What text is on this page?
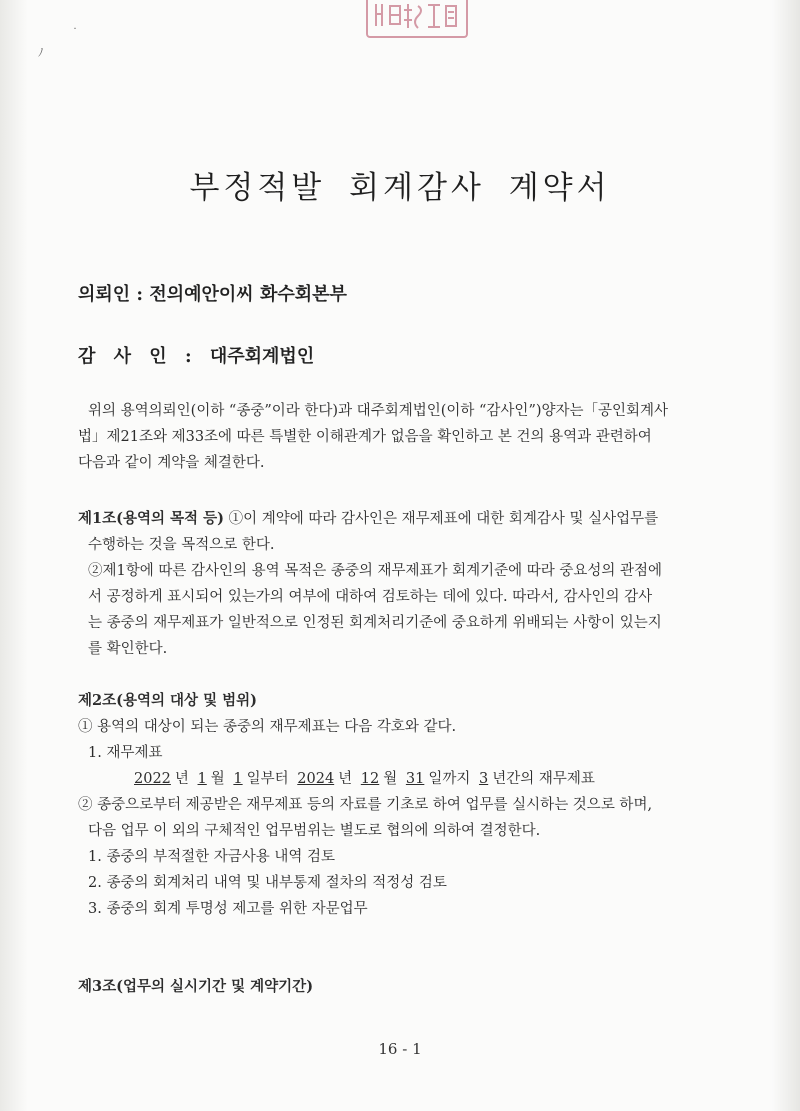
˙
ﾉ
부정적발 회계감사 계약서
의뢰인 : 전의예안이씨 화수회본부
감 사 인 : 대주회계법인
위의 용역의뢰인(이하 “종중”이라 한다)과 대주회계법인(이하 “감사인”)양자는「공인회계사
법」제21조와 제33조에 따른 특별한 이해관계가 없음을 확인하고 본 건의 용역과 관련하여
다음과 같이 계약을 체결한다.
제1조(용역의 목적 등) ①이 계약에 따라 감사인은 재무제표에 대한 회계감사 및 실사업무를
수행하는 것을 목적으로 한다.
②제1항에 따른 감사인의 용역 목적은 종중의 재무제표가 회계기준에 따라 중요성의 관점에
서 공정하게 표시되어 있는가의 여부에 대하여 검토하는 데에 있다. 따라서, 감사인의 감사
는 종중의 재무제표가 일반적으로 인정된 회계처리기준에 중요하게 위배되는 사항이 있는지
를 확인한다.
제2조(용역의 대상 및 범위)
① 용역의 대상이 되는 종중의 재무제표는 다음 각호와 같다.
1. 재무제표
2022 년 1 월 1 일부터 2024 년 12 월 31 일까지 3 년간의 재무제표
② 종중으로부터 제공받은 재무제표 등의 자료를 기초로 하여 업무를 실시하는 것으로 하며,
다음 업무 이 외의 구체적인 업무범위는 별도로 협의에 의하여 결정한다.
1. 종중의 부적절한 자금사용 내역 검토
2. 종중의 회계처리 내역 및 내부통제 절차의 적정성 검토
3. 종중의 회계 투명성 제고를 위한 자문업무
제3조(업무의 실시기간 및 계약기간)
16 - 1
